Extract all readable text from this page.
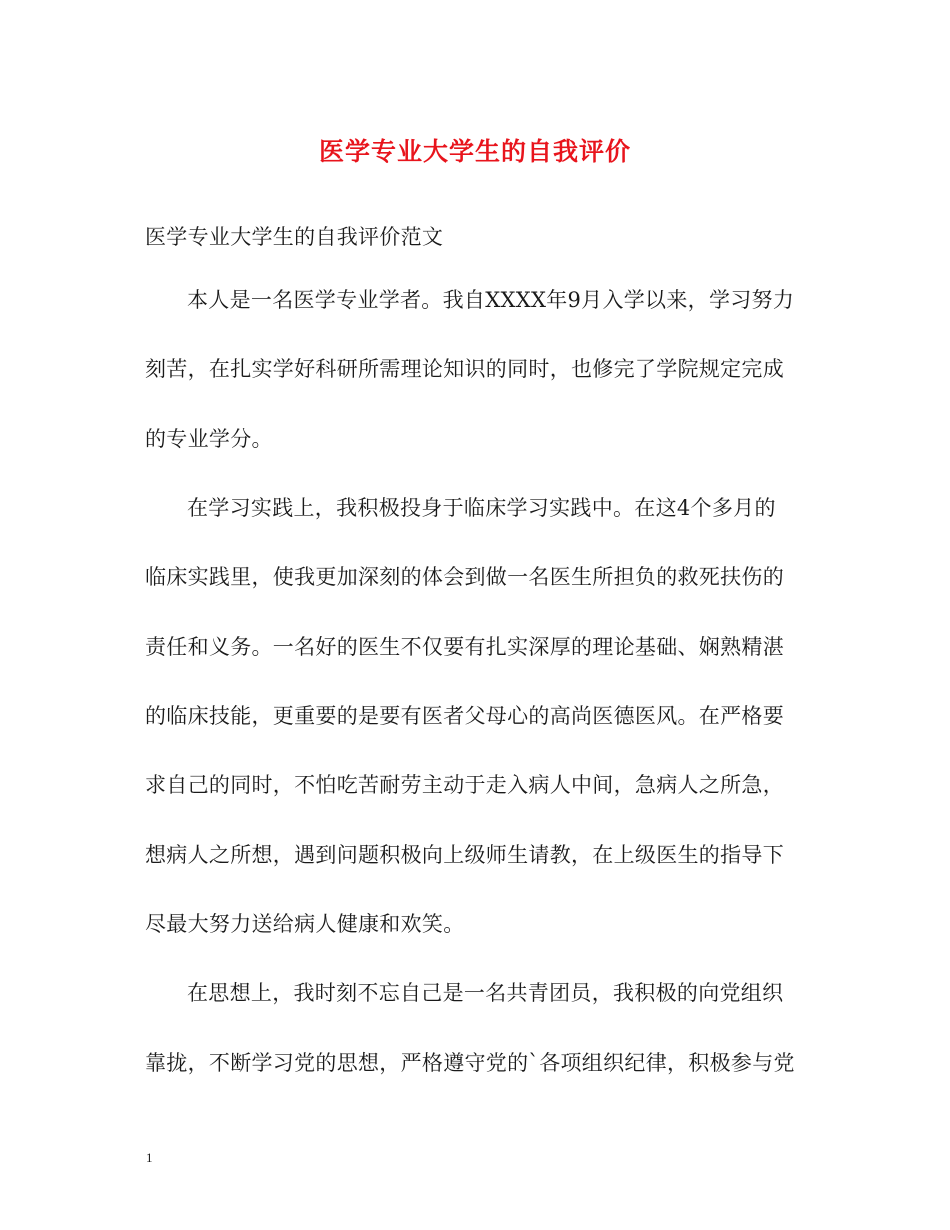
医学专业大学生的自我评价
医学专业大学生的自我评价范文
本人是一名医学专业学者。我自XXXX年9月入学以来，学习努力
刻苦，在扎实学好科研所需理论知识的同时，也修完了学院规定完成
的专业学分。
在学习实践上，我积极投身于临床学习实践中。在这4个多月的
临床实践里，使我更加深刻的体会到做一名医生所担负的救死扶伤的
责任和义务。一名好的医生不仅要有扎实深厚的理论基础、娴熟精湛
的临床技能，更重要的是要有医者父母心的高尚医德医风。在严格要
求自己的同时，不怕吃苦耐劳主动于走入病人中间，急病人之所急，
想病人之所想，遇到问题积极向上级师生请教，在上级医生的指导下
尽最大努力送给病人健康和欢笑。
在思想上，我时刻不忘自己是一名共青团员，我积极的向党组织
靠拢，不断学习党的思想，严格遵守党的`各项组织纪律，积极参与党
1
